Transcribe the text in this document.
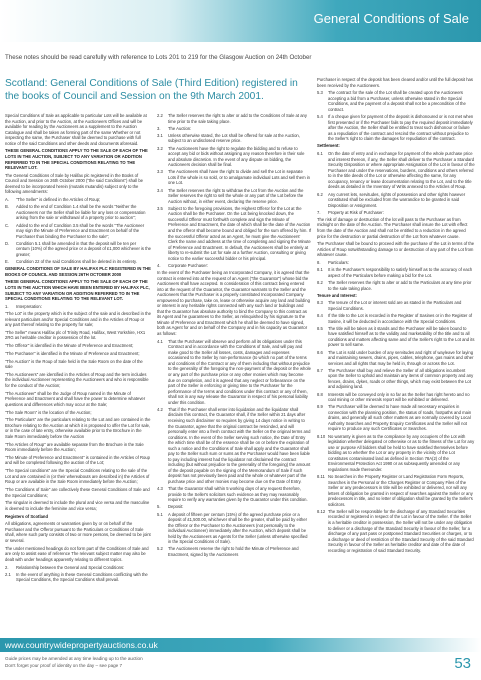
General Conditions of Sale
These notes should be read carefully with reference to Lots 201 to 219 for the Glasgow Auction on 24th October
Scotland: General Conditions of Sale (Third Edition) registered in the books of Council and Session on the 9th March 2001.
Special Conditions of Sale as applicable to particular Lots will be available at the Auction, and prior to the Auction, at the Auctioneers Offices and will be available for reading by the Auctioneers as a supplement to the Auction Catalogue and shall be taken as forming part of the same Whether or not inspecting the same, the Purchaser shall be deemed to purchase with full notice of the said Conditions and other deeds and documents aforesaid.
THESE GENERAL CONDITIONS APPLY TO THE SALE OF EACH OF THE LOTS IN THE AUCTION, SUBJECT TO ANY VARIATION OR ADDITION REFERRED TO IN THE SPECIAL CONDITIONS RELATING TO THE RELEVANT LOT.
The General Conditions of Sale by Halifax plc registered in the Books of Council and Session on 26th October 2000 ("the said Conditions") shall be deemed to be incorporated herein (mutatis mutandis) subject only to the following amendments:
A.	"The Seller" is defined in the Articles of Roup;
B.	Added to the end of Condition 1.4 shall be the words "Neither the Auctioneers nor the Seller shall be liable for any loss or compensation arising from the sale or withdrawal of a property prior to auction";
C.	Added to the end of Condition 3.5 shall be the words "The Auctioneer may sign the Minute of Preference and Enactment on behalf of the Purchaser thus binding the Purchaser to the sale";
D.	Condition 5.1 shall be amended in that the deposit will be ten per centum (10%) of the agreed price or a deposit of £1,000 whichever is the greater;
E.	Condition 22 of the said Conditions shall be deleted in its entirety.
GENERAL CONDITIONS OF SALE BY HALIFAX PLC REGISTERED IN THE BOOKS OF COUNCIL AND SESSION 26TH OCTOBER 2000
THESE GENERAL CONDITIONS APPLY TO THE SALE OF EACH OF THE LOTS IN THE AUCTION WHICH HAVE BEEN ENTERED BY HALIFAX PLC, SUBJECT TO ANY VARIATION OR ADDITION REFERRED TO IN THE SPECIAL CONDITIONS RELATING TO THE RELEVANT LOT.
1.	Interpretation:
"The Lot" is the property which is the subject of the sale and is described in the relevant particulars and/or Special Conditions and in the Articles of Roup or any part thereof relating to the property for sale;
"The Seller" means Halifax plc of Trinity Road, Halifax, West Yorkshire, HX1 2RG as heritable creditor in possession of the lot.
"The Offeror" is identified in the Minute of Preference and Enactment;
"The Purchaser" is identified in the Minute of Preference and Enactment;
"The Auction" is the Roup of Sale held in the Sale Room on the date of the sale
"The Auctioneers" are identified in the Articles of Roup and the term includes the individual Auctioneer representing the Auctioneers and who is responsible for the conduct of the Auction;
"The Auctioneer" shall be the Judge of Roup named in the Minute of Preference and Enactment and shall have the power to determine whatever questions and differences which may occur at the Sale;
"The Sale Room" is the location of the Auction;
"The Particulars" are the particulars relating to the Lot and are contained in the Brochure relating to the Auction at which it is proposed to offer the Lot for sale, or in the case of late entry, otherwise available prior to the Brochure in the Sale Room immediately before the Auction
"The Articles of Roup" are available separate from the Brochure in the Sale Room immediately before the Auction;
"The Minute of Preference and Enactment" is contained in the Articles of Roup and will be completed following the auction of the Lot;
"The Special conditions" are the Special Conditions relating to the sale of the Lot and are contained in (or their whereabouts are described in) the Articles of Roup or are available in the Sale Room immediately before the Auction;
"The Conditions of Sale" are collectively these General Conditions of Sale and the Special Conditions;
The singular is deemed to include the plural and vice versa and the masculine is deemed to include the feminine and vice versa;
Registers of Scotland
All obligations, agreements or warranties given by or on behalf of the Purchaser and the Offeror pursuant to the Particulars or Conditions of Sale shall, where such party consists of two or more persons, be deemed to be joint or several.
The under mentioned headings do not form part of the Conditions of Sale and are only to assist ease of reference The relevant subject matter may also be dealt with under headings apparently relating to different topics.
2.	Relationship between the General and Special Conditions:
2.1	In the event of anything in these General Conditions conflicting with the Special Conditions, the Special Conditions shall prevail.
2.2	The Seller reserves the right to alter or add to the Conditions of Sale at any time prior to the sale taking place.
3.	The Auction:
3.1	Unless otherwise stated, the Lot shall be offered for sale at the Auction, subject to an undisclosed reserve price.
3.2	The Auctioneers have the right to regulate the bidding and to refuse to accept any bid or bids without assigning any reason therefore in their sole and absolute discretion. In the event of any dispute on bidding, the Auctioneers decision shall be final.
3.3	The Auctioneers shall have the right to divide and sell the Lot in separate Lots if the whole is so sold, or to amalgamate individual Lots and sell them in one Lot.
3.4	The Seller reserves the right to withdraw the Lot from the Auction and the Seller reserves the right to sell the whole or any part of the Lot before the Auction without, in either event, declaring the reserve price.
3.5	Subject to the foregoing provisions, the Highest Offeror for the Lot at the Auction shall be the Purchaser. On the Lot being knocked down, the successful Offeror must forthwith complete and sign the Minute of Preference and Enactment, the date of which shall be the date of the Auction and the offeror shall become bound and obliged for the sum offered by him. If the successful Offeror acted as an Agent, he must give the Auctioneers' Clerk the name and address at the time of completing and signing the Minute of Preference and Enactment. In default, the Auctioneers shall be entirely at liberty to re-submit the Lot for sale at a further Auction, consulting or giving notice to the earlier successful bidder or his principal.
4.	Corporate Purchaser:
In the event of the Purchaser being an Incorporated Company, it is agreed that the contract is entered into at the request of an Agent ("the Guarantor") whose bid the Auctioneers shall have accepted. In consideration of this contract being entered into at the request of the Guarantor, the Guarantor warrants to the Seller and the Auctioneers that the Purchaser is a properly constituted Incorporated Company empowered to purchase, take on, lease or otherwise acquire any land and building or interest in any heritable rights connected with any such land or buildings and that the Guarantor has absolute authority to bind the Company to this contract as its Agent and he guarantees to the Seller, as relinquished by his signature to the Minute of Preference and Enactment which he shall be deemed to have signed, both as Agent for and on behalf of the Company and in his capacity as Guarantor as follows:
4.1	That the Purchaser will observe and perform all its obligations under this Contract and in accordance with the Conditions of Sale, and will pay and make good to the Seller all losses, costs, damages and expenses occasioned to the Seller by non-performance (to which no part of the terms and conditions of the Contract or any of them including that without prejudice to the generality of the foregoing the non-payment of the deposit or the whole or any part of the purchase price or any other monies which may become due on completion, and it is agreed that any neglect or forbearance on the part of the Seller in enforcing or giving time to the Purchaser for the performance of the terms and conditions under this contract or any of them, shall not in any way release the Guarantor in respect of his personal liability under this condition.
4.2	That if the Purchaser shall enter into liquidation and the liquidator shall disclaim this contract, the Guarantor shall, if the Seller within 21 days after receiving such disclaimer so requires by giving 14 days notice in writing to the Guarantor, agree that the original contract be rescinded, and will personally enter into a fresh contract with the Seller on the original terms and conditions. In the event of the Seller serving such notice, the Date of Entry the which time shall be of the essence shall be on or before the expiration of such a notice and the Conditions of Sale shall apply and the Guarantor shall pay to the Seller such sum or sums as the Purchaser would have been liable to pay including interest had the liquidator not disclaimed the contract including (but without prejudice to the generality of the foregoing) the amount of the deposit payable on the signing of the Memorandum of Sale if such deposit has not previously been paid and the whole or whatever part of the purchase price and other monies may become due on the Date of Entry.
4.3	That the Guarantor shall within 5 working days of any request therefore, provide to the Seller's solicitors such evidence as they may reasonably require to verify any warranties given by the Guarantor under this condition.
5.	Deposit:
5.1	A deposit of fifteen per centum (15%) of the agreed purchase price or a deposit of £1,500.00, whichever shall be the greater, shall be paid by either the Offeror or the Purchaser to the Auctioneers (not personally to the individual Auctioneer) immediately after the Auction, which deposit shall be held by the Auctioneers as Agents for the Seller (unless otherwise specified in the Special Conditions of Sale).
5.2	The Auctioneers reserve the right to hold the Minute of Preference and Enactment, signed by the Auctioneers
Purchaser in respect of the deposit has been cleared and/or until the full deposit has been received by the Auctioneers.
5.3	The contract for the sale of the Lot shall be created upon the Auctioneers accepting a bid from a Purchaser, unless otherwise stated in the Special Conditions, and the payment of a deposit shall not be a precondition of the contract.
5.4	If a cheque given for payment of the deposit is dishonoured or is not met when first presented or if the Purchaser fails to pay the required deposit immediately after the Auction, the Seller shall be entitled to treat such dishonour or failure as a repudiation of the contract and rescind the contract without prejudice to the Seller's right to claim the damages for repudiation of the contract.
Settlement:
6.1	On the date of entry and in exchange for payment of the whole purchase price and interest thereon, if any, the Seller shall deliver to the Purchaser a Standard Security Disposition or where appropriate Assignation of the Lot in favour of the Purchaser and under the reservations, burdens, conditions and others referred to in the title deeds of the Lot or otherwise affecting the same, for any occupancy, tenancy or lease documentation relating to the Lot, and to the title deeds as detailed in the Inventory of Writs annexed to the Articles of Roup.
6.2	Any current lets, servitudes, rights of possession and other rights however constituted shall be excluded from the warrandice to be granted in said Disposition or Assignment.
7.	Property at Risk of Purchaser:
The risk of damage or destruction of the lot will pass to the Purchaser as from midnight on the date of the Auction. The Purchaser shall insure the Lot with effect from the date of the Auction and shall not be entitled to a reduction in the agreed price for the destruction or partial destruction of the Lot from whatever cause.
The Purchaser shall be bound to proceed with the purchase of the Lot in terms of the Articles of Roup notwithstanding damage to or destruction of any part of the Lot from whatever cause.
8.	Particulars:
8.1	It is the Purchaser's responsibility to satisfy himself as to the accuracy of each aspect of the Particulars before making a bid for the Lot.
8.2	The Seller reserves the right to alter or add to the Particulars at any time prior to the sale taking place.
Tenure and Interest:
8.3	The tenure of the Lot or interest sold are as stated in the Particulars and Special Conditions.
8.4	If the title to the Lot is recorded in the Register of Sasines or in the Register of Sasine, it will be deducted in accordance with the Special Conditions.
8.5	The title will be taken as it stands and the Purchaser will be taken bound to have satisfied himself as to the validity and marketability of the title and to all conditions and matters affecting same and of the Seller's right to the Lot and its power to sell same.
8.6	The Lot is sold under burden of any servitudes and right of wayleave for laying and maintaining sewers, drains, pipes, cables, telephone, gas mains and other services and all rights that may be held in, through or across the Lot.
8.7	The Purchaser shall buy and relieve the Seller of all obligations incumbent upon the Seller to uphold and maintain any items of common property and any fences, drains, dykes, roads or other things, which may exist between the Lot and adjoining land.
8.8	Interests will be conveyed only in so far as the Seller has right hereto and no coal mining or other minerals report will be exhibited or delivered.
8.9	The Purchaser will be deemed to have made all necessary enquiries in connection with the planning position, the status of roads, footpaths and main drains, and generally all such other matters as are normally covered by Local Authority Searches and Property Enquiry Certificates and the Seller will not require to produce any such Certificates or Searches.
8.10 No warranty is given as to the compliance by any occupiers of the Lot with legislation whether delegated or otherwise or as to the fitness of the Lot for any use or purpose All bidders shall be held to have satisfied themselves before bidding as to whether the Lot or any property in the vicinity of the Lot constitutes contaminated land as defined in Section 78A(2) of the Environmental Protection Act 1990 or as subsequently amended or any regulations made thereunder.
8.11 No Searches in the Property Register or Land Registration Form Reports, Searches in the Personal or the Charges Register or Company Files of the Seller or any predecessors in title will be exhibited or delivered, nor will any letters of obligation be granted in respect of searches against the Seller or any predecessors in title, and no letter of obligation shall be granted by the Seller's solicitors.
8.12 The Seller will be responsible for the discharge of any Standard Securities recorded or registered in respect of the Lot in favour of the Seller. If the Seller is a heritable creditor in possession, the Seller will not be under any obligation to deliver or a discharge of the Standard Security in favour of the Seller, for a discharge of any part pass or postponed Standard Securities or charges, or to a discharge or deed of restriction of the Standard Security of the said Standard Security in favour of the Seller as heritable creditor and date of the date of recording or registration of said Standard Security.
www.countrywidepropertyauctions.co.uk
Guide prices may be amended at any time leading up to the auction
Don't forget your proof of identity on the day – see page 7	53
